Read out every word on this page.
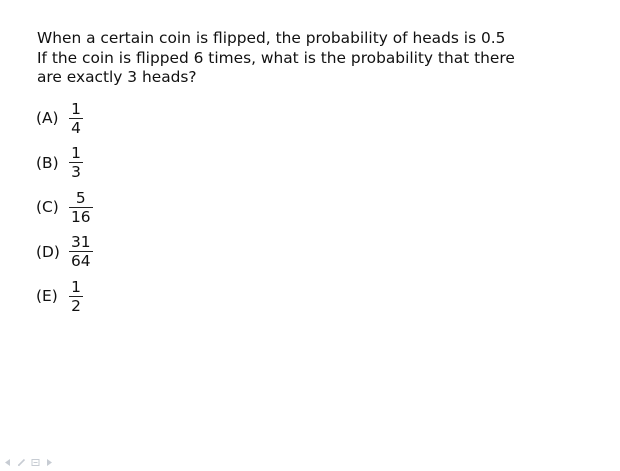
When a certain coin is flipped, the probability of heads is 0.5
If the coin is flipped 6 times, what is the probability that there
are exactly 3 heads?
$(A) \frac{1}{4}$
$(B) \frac{1}{3}$
$(C) \frac{5}{16}$
$(D) \frac{31}{64}$
$(E) \frac{1}{2}$
